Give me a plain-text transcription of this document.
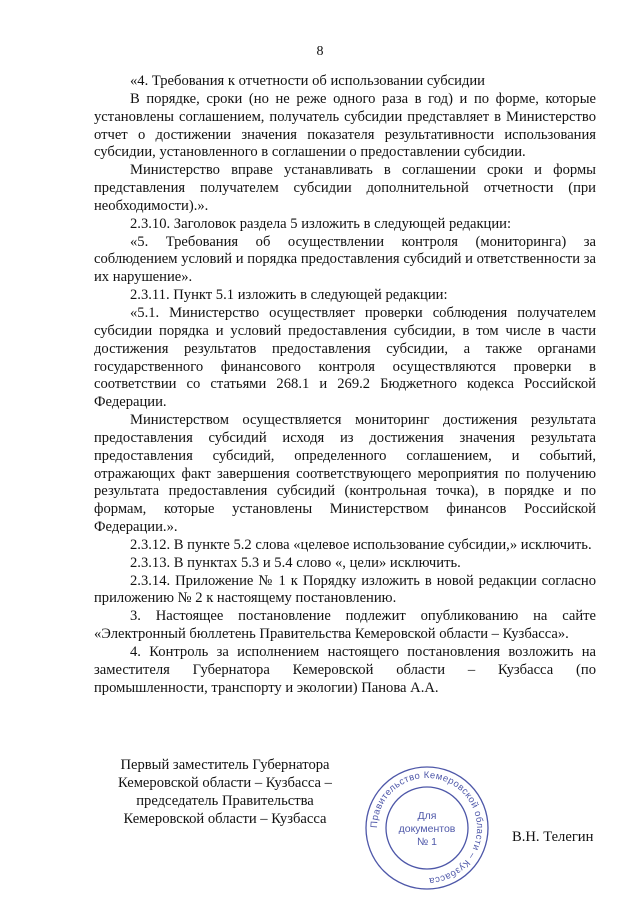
8

«4. Требования к отчетности об использовании субсидии

В порядке, сроки (но не реже одного раза в год) и по форме, которые установлены соглашением, получатель субсидии представляет в Министерство отчет о достижении значения показателя результативности использования субсидии, установленного в соглашении о предоставлении субсидии.

Министерство вправе устанавливать в соглашении сроки и формы представления получателем субсидии дополнительной отчетности (при необходимости).».

2.3.10. Заголовок раздела 5 изложить в следующей редакции:

«5. Требования об осуществлении контроля (мониторинга) за соблюдением условий и порядка предоставления субсидий и ответственности за их нарушение».

2.3.11. Пункт 5.1 изложить в следующей редакции:

«5.1. Министерство осуществляет проверки соблюдения получателем субсидии порядка и условий предоставления субсидии, в том числе в части достижения результатов предоставления субсидии, а также органами государственного финансового контроля осуществляются проверки в соответствии со статьями 268.1 и 269.2 Бюджетного кодекса Российской Федерации.

Министерством осуществляется мониторинг достижения результата предоставления субсидий исходя из достижения значения результата предоставления субсидий, определенного соглашением, и событий, отражающих факт завершения соответствующего мероприятия по получению результата предоставления субсидий (контрольная точка), в порядке и по формам, которые установлены Министерством финансов Российской Федерации.».

2.3.12. В пункте 5.2 слова «целевое использование субсидии,» исключить.

2.3.13. В пунктах 5.3 и 5.4 слово «, цели» исключить.

2.3.14. Приложение № 1 к Порядку изложить в новой редакции согласно приложению № 2 к настоящему постановлению.

3. Настоящее постановление подлежит опубликованию на сайте «Электронный бюллетень Правительства Кемеровской области – Кузбасса».

4. Контроль за исполнением настоящего постановления возложить на заместителя Губернатора Кемеровской области – Кузбасса (по промышленности, транспорту и экологии) Панова А.А.

Первый заместитель Губернатора
Кемеровской области – Кузбасса –
председатель Правительства
Кемеровской области – Кузбасса	Правительство Кемеровской области – Кузбасса
Для
документов
№ 1	В.Н. Телегин
